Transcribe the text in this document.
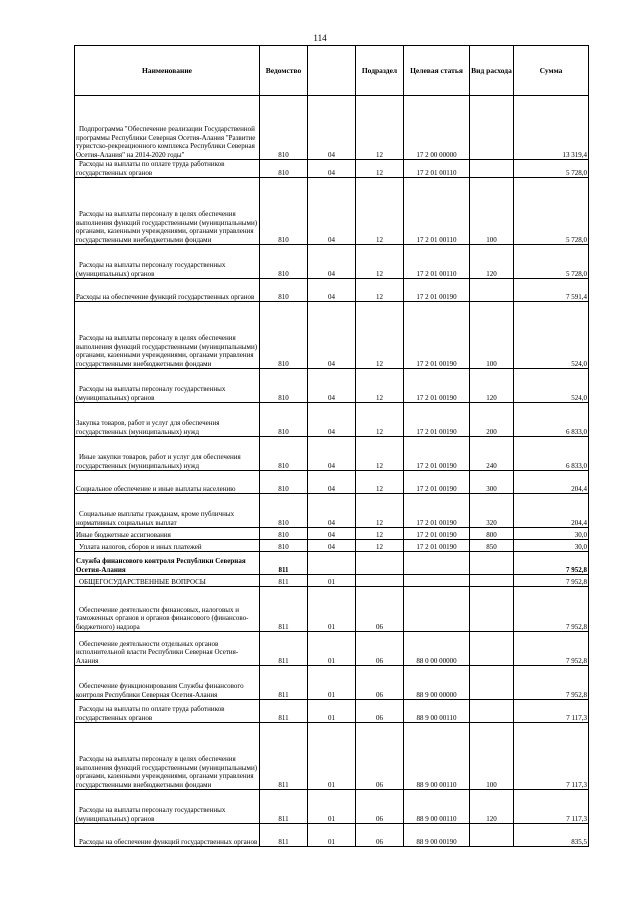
114
Наименование	Ведомство		Подраздел	Целевая статья	Вид расхода	Сумма
Подпрограмма "Обеспечение реализации Государственной программы Республики Северная Осетия-Алания "Развитие туристско-рекреационного комплекса Республики Северная Осетия-Алания" на 2014-2020 годы"	810	04	12	17 2 00 00000		13 319,4
Расходы на выплаты по оплате труда работников государственных органов	810	04	12	17 2 01 00110		5 728,0
Расходы на выплаты персоналу в целях обеспечения выполнения функций государственными (муниципальными) органами, казенными учреждениями, органами управления государственными внебюджетными фондами	810	04	12	17 2 01 00110	100	5 728,0
Расходы на выплаты персоналу государственных (муниципальных) органов	810	04	12	17 2 01 00110	120	5 728,0
Расходы на обеспечение функций государственных органов	810	04	12	17 2 01 00190		7 591,4
Расходы на выплаты персоналу в целях обеспечения выполнения функций государственными (муниципальными) органами, казенными учреждениями, органами управления государственными внебюджетными фондами	810	04	12	17 2 01 00190	100	524,0
Расходы на выплаты персоналу государственных (муниципальных) органов	810	04	12	17 2 01 00190	120	524,0
Закупка товаров, работ и услуг для обеспечения государственных (муниципальных) нужд	810	04	12	17 2 01 00190	200	6 833,0
Иные закупки товаров, работ и услуг для обеспечения государственных (муниципальных) нужд	810	04	12	17 2 01 00190	240	6 833,0
Социальное обеспечение и иные выплаты населению	810	04	12	17 2 01 00190	300	204,4
Социальные выплаты гражданам, кроме публичных нормативных социальных выплат	810	04	12	17 2 01 00190	320	204,4
Иные бюджетные ассигнования	810	04	12	17 2 01 00190	800	30,0
Уплата налогов, сборов и иных платежей	810	04	12	17 2 01 00190	850	30,0
Служба финансового контроля Республики Северная Осетия-Алания	811					7 952,8
ОБЩЕГОСУДАРСТВЕННЫЕ ВОПРОСЫ	811	01				7 952,8
Обеспечение деятельности финансовых, налоговых и таможенных органов и органов финансового (финансово-бюджетного) надзора	811	01	06			7 952,8
Обеспечение деятельности отдельных органов исполнительной власти Республики Северная Осетия-Алания	811	01	06	88 0 00 00000		7 952,8
Обеспечение функционирования Службы финансового контроля Республики Северная Осетия-Алания	811	01	06	88 9 00 00000		7 952,8
Расходы на выплаты по оплате труда работников государственных органов	811	01	06	88 9 00 00110		7 117,3
Расходы на выплаты персоналу в целях обеспечения выполнения функций государственными (муниципальными) органами, казенными учреждениями, органами управления государственными внебюджетными фондами	811	01	06	88 9 00 00110	100	7 117,3
Расходы на выплаты персоналу государственных (муниципальных) органов	811	01	06	88 9 00 00110	120	7 117,3
Расходы на обеспечение функций государственных органов	811	01	06	88 9 00 00190		835,5
